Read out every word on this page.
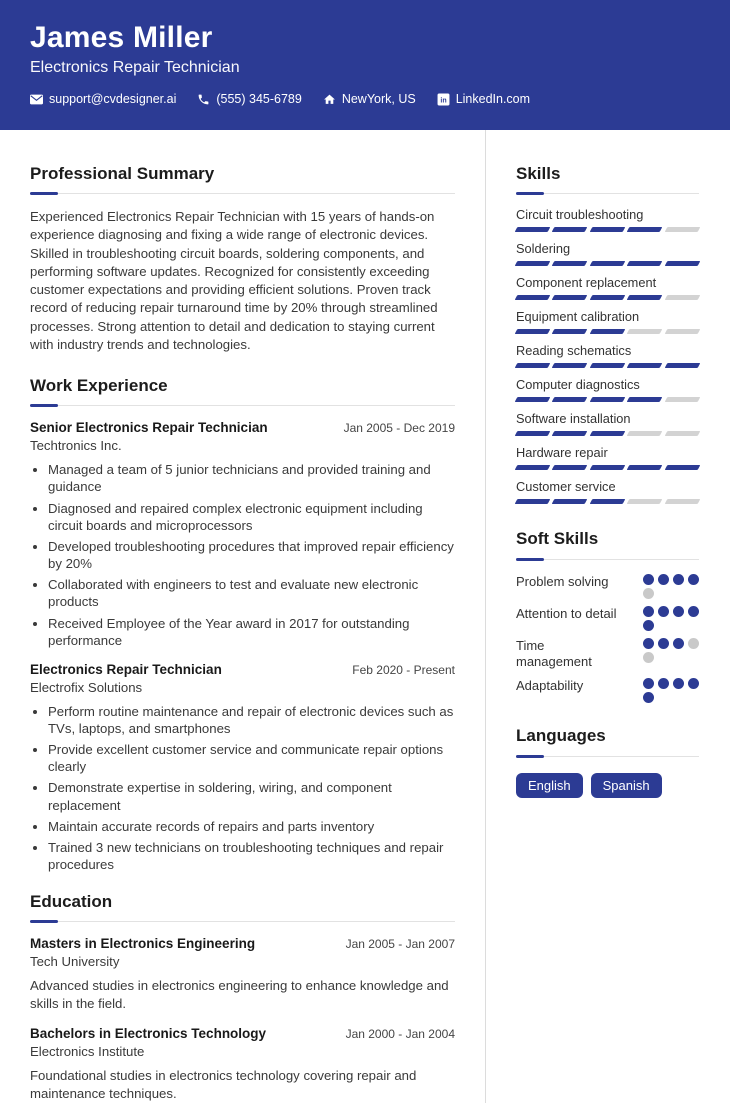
James Miller
Electronics Repair Technician
support@cvdesigner.ai	(555) 345-6789	NewYork, US in LinkedIn.com
Professional Summary

Experienced Electronics Repair Technician with 15 years of hands-on experience diagnosing and fixing a wide range of electronic devices. Skilled in troubleshooting circuit boards, soldering components, and performing software updates. Recognized for consistently exceeding customer expectations and providing efficient solutions. Proven track record of reducing repair turnaround time by 20% through streamlined processes. Strong attention to detail and dedication to staying current with industry trends and technologies.

Work Experience
Senior Electronics Repair Technician	Jan 2005 - Dec 2019
Techtronics Inc.
• Managed a team of 5 junior technicians and provided training and guidance
• Diagnosed and repaired complex electronic equipment including circuit boards and microprocessors
• Developed troubleshooting procedures that improved repair efficiency by 20%
• Collaborated with engineers to test and evaluate new electronic products
• Received Employee of the Year award in 2017 for outstanding performance
Electronics Repair Technician	Feb 2020 - Present
Electrofix Solutions
• Perform routine maintenance and repair of electronic devices such as TVs, laptops, and smartphones
• Provide excellent customer service and communicate repair options clearly
• Demonstrate expertise in soldering, wiring, and component replacement
• Maintain accurate records of repairs and parts inventory
• Trained 3 new technicians on troubleshooting techniques and repair procedures
Education
Masters in Electronics Engineering	Jan 2005 - Jan 2007
Tech University

Advanced studies in electronics engineering to enhance knowledge and skills in the field.

Bachelors in Electronics Technology	Jan 2000 - Jan 2004
Electronics Institute

Foundational studies in electronics technology covering repair and maintenance techniques.

Skills
Circuit troubleshooting
Soldering
Component replacement
Equipment calibration
Reading schematics
Computer diagnostics
Software installation
Hardware repair
Customer service
Soft Skills
Problem solving
Attention to detail
Time management
Adaptability
Languages
English	Spanish
